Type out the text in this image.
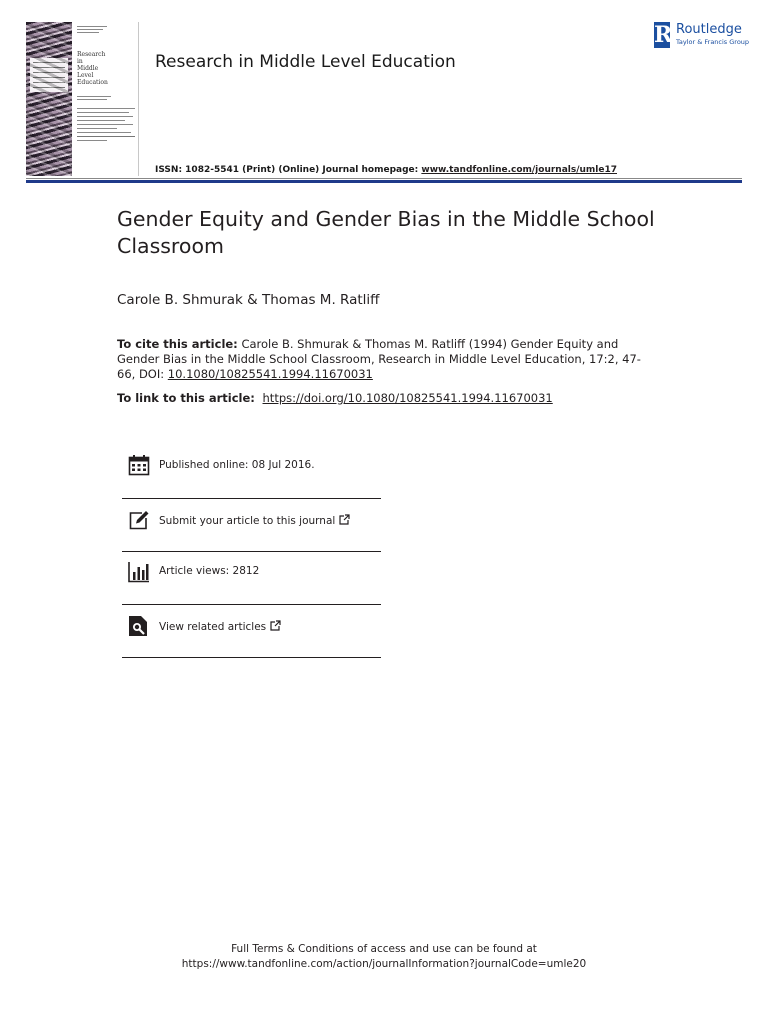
Research
in
Middle
Level
Education
Research in Middle Level Education
ISSN: 1082-5541 (Print) (Online) Journal homepage: www.tandfonline.com/journals/umle17
R Routledge
Taylor & Francis Group
Gender Equity and Gender Bias in the Middle School Classroom
Carole B. Shmurak & Thomas M. Ratliff
To cite this article: Carole B. Shmurak & Thomas M. Ratliff (1994) Gender Equity and Gender Bias in the Middle School Classroom, Research in Middle Level Education, 17:2, 47-66, DOI: 10.1080/10825541.1994.11670031
To link to this article: https://doi.org/10.1080/10825541.1994.11670031
Published online: 08 Jul 2016.
Submit your article to this journal
Article views: 2812
View related articles
Full Terms & Conditions of access and use can be found at
https://www.tandfonline.com/action/journalInformation?journalCode=umle20
